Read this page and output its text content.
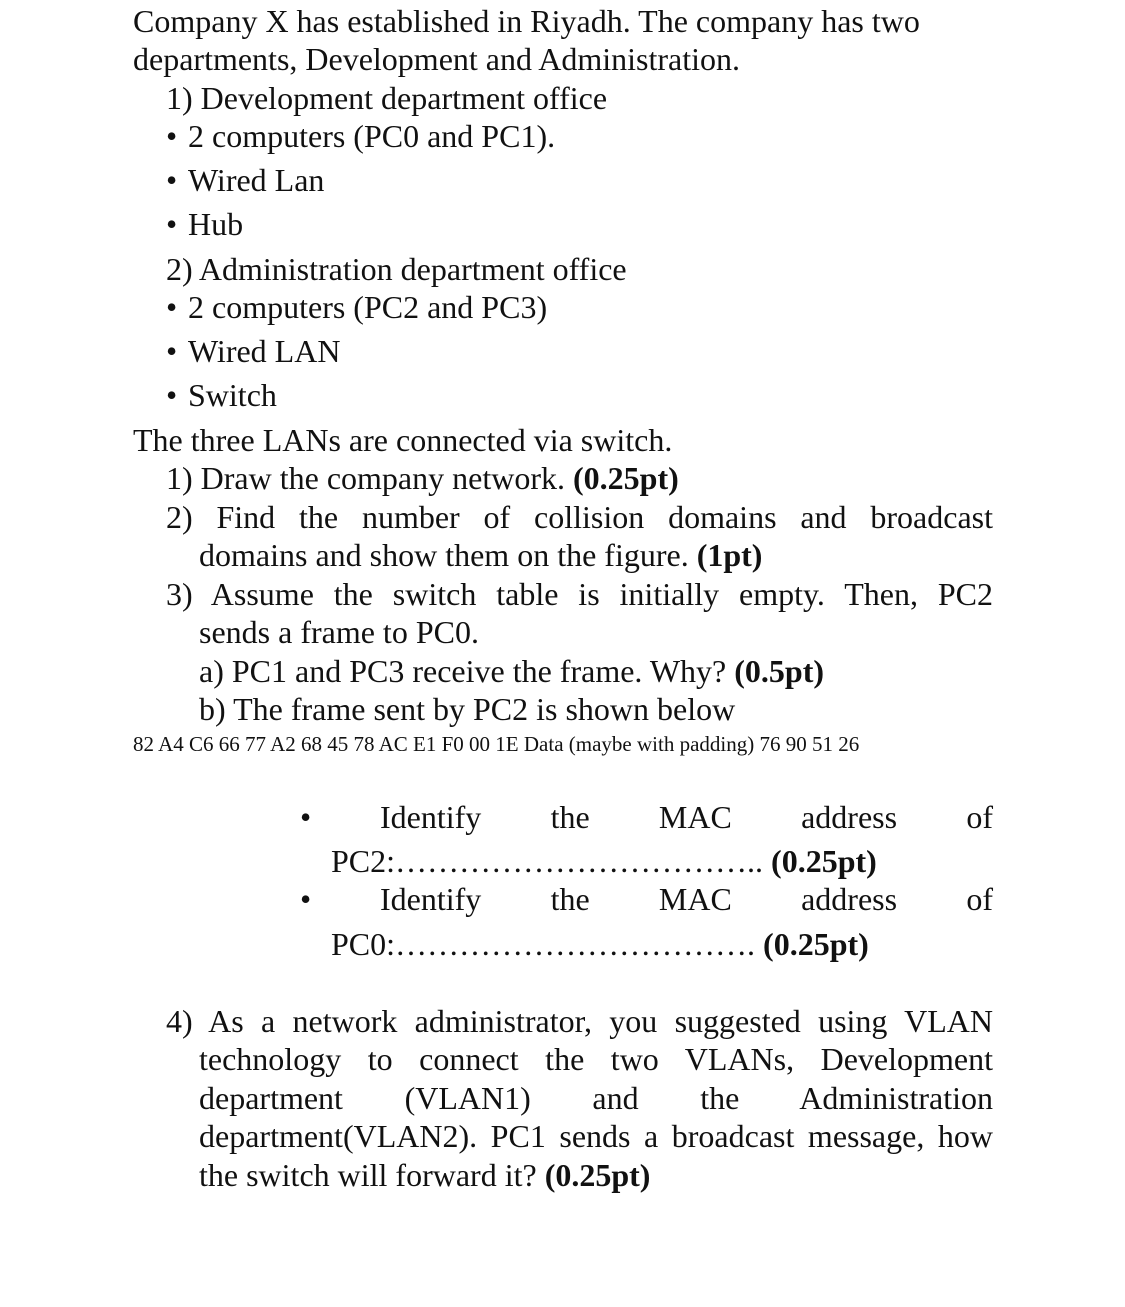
Company X has established in Riyadh. The company has two
departments, Development and Administration.
1) Development department office
• 2 computers (PC0 and PC1).
• Wired Lan
• Hub
2) Administration department office
• 2 computers (PC2 and PC3)
• Wired LAN
• Switch
The three LANs are connected via switch.
1) Draw the company network. (0.25pt)
2) Find the number of collision domains and broadcast
domains and show them on the figure. (1pt)
3) Assume the switch table is initially empty. Then, PC2
sends a frame to PC0.
a) PC1 and PC3 receive the frame. Why? (0.5pt)
b) The frame sent by PC2 is shown below
82 A4 C6 66 77 A2 68 45 78 AC E1 F0 00 1E Data (maybe with padding) 76 90 51 26
• Identify the MAC address of
PC2:…………………………….. (0.25pt)
• Identify the MAC address of
PC0:……………………………. (0.25pt)
4) As a network administrator, you suggested using VLAN
technology to connect the two VLANs, Development
department (VLAN1) and the Administration
department(VLAN2). PC1 sends a broadcast message, how
the switch will forward it? (0.25pt)
